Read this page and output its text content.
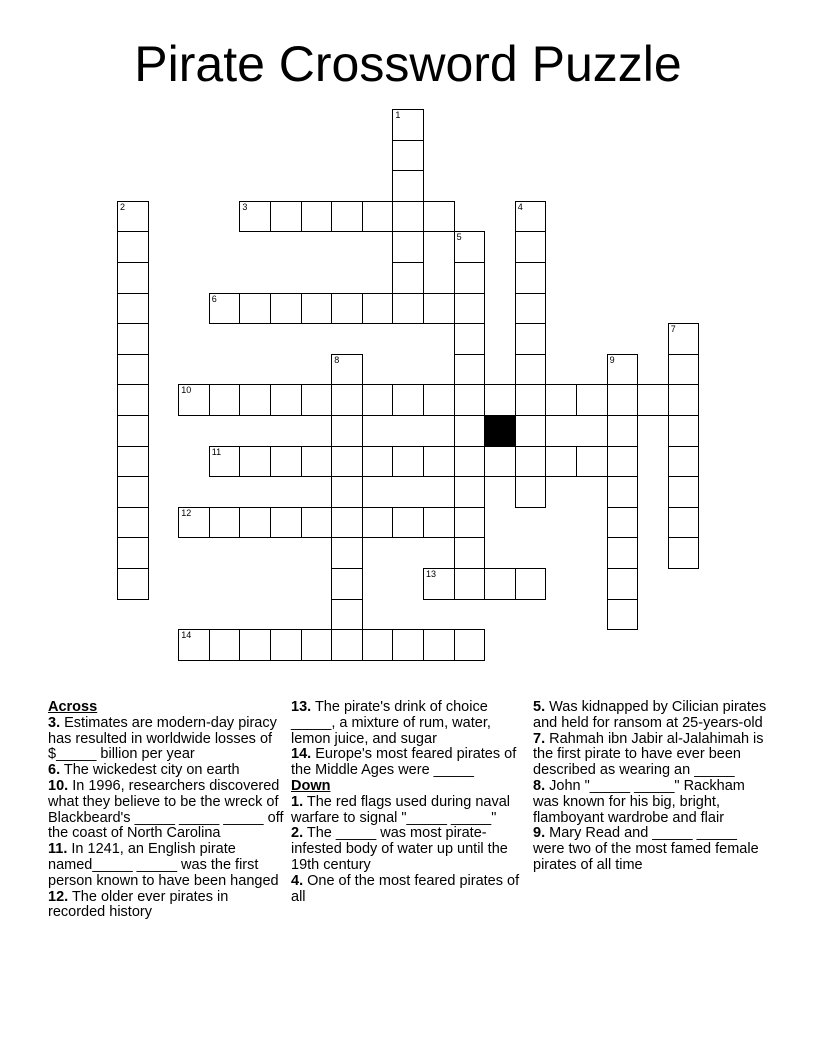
Pirate Crossword Puzzle
1
2	3	4
5
6
7
8	9
10
11
12
13
14
Across
3. Estimates are modern-day piracy has resulted in worldwide losses of $_____ billion per year
6. The wickedest city on earth
10. In 1996, researchers discovered what they believe to be the wreck of Blackbeard's _____ _____ _____ off the coast of North Carolina
11. In 1241, an English pirate named_____ _____ was the first person known to have been hanged
12. The older ever pirates in recorded history
13. The pirate's drink of choice _____, a mixture of rum, water, lemon juice, and sugar
14. Europe's most feared pirates of the Middle Ages were _____
Down
1. The red flags used during naval warfare to signal "_____ _____"
2. The _____ was most pirate-infested body of water up until the 19th century
4. One of the most feared pirates of all
5. Was kidnapped by Cilician pirates and held for ransom at 25-years-old
7. Rahmah ibn Jabir al-Jalahimah is the first pirate to have ever been described as wearing an _____
8. John "_____ _____" Rackham was known for his big, bright, flamboyant wardrobe and flair
9. Mary Read and _____ _____ were two of the most famed female pirates of all time
